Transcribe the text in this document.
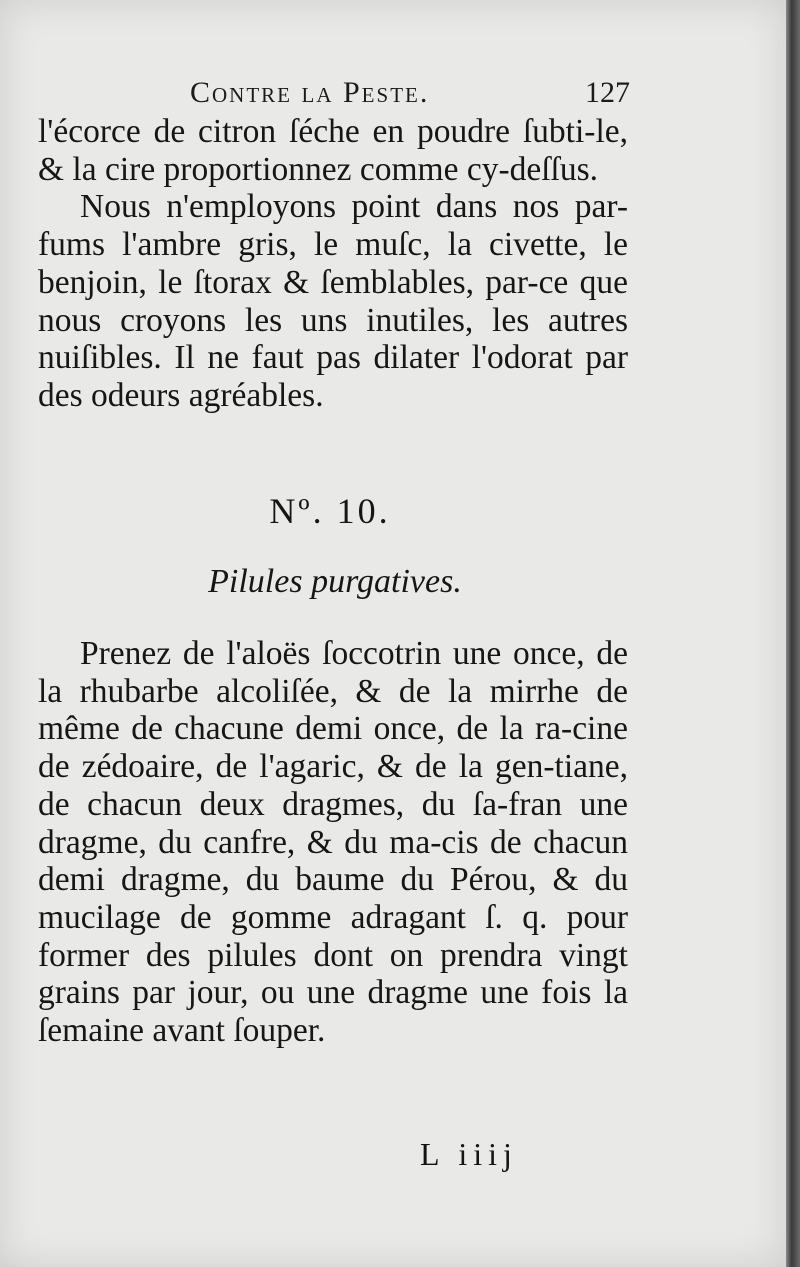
Contre la Peste.	127

l'écorce de citron ſéche en poudre ſubti-le, & la cire proportionnez comme cy-deſſus.

Nous n'employons point dans nos par-fums l'ambre gris, le muſc, la civette, le benjoin, le ſtorax & ſemblables, par-ce que nous croyons les uns inutiles, les autres nuiſibles. Il ne faut pas dilater l'odorat par des odeurs agréables.

Nº. 10.
Pilules purgatives.

Prenez de l'aloës ſoccotrin une once, de la rhubarbe alcoliſée, & de la mirrhe de même de chacune demi once, de la ra-cine de zédoaire, de l'agaric, & de la gen-tiane, de chacun deux dragmes, du ſa-fran une dragme, du canfre, & du ma-cis de chacun demi dragme, du baume du Pérou, & du mucilage de gomme adragant ſ. q. pour former des pilules dont on prendra vingt grains par jour, ou une dragme une fois la ſemaine avant ſouper.

L iiij
